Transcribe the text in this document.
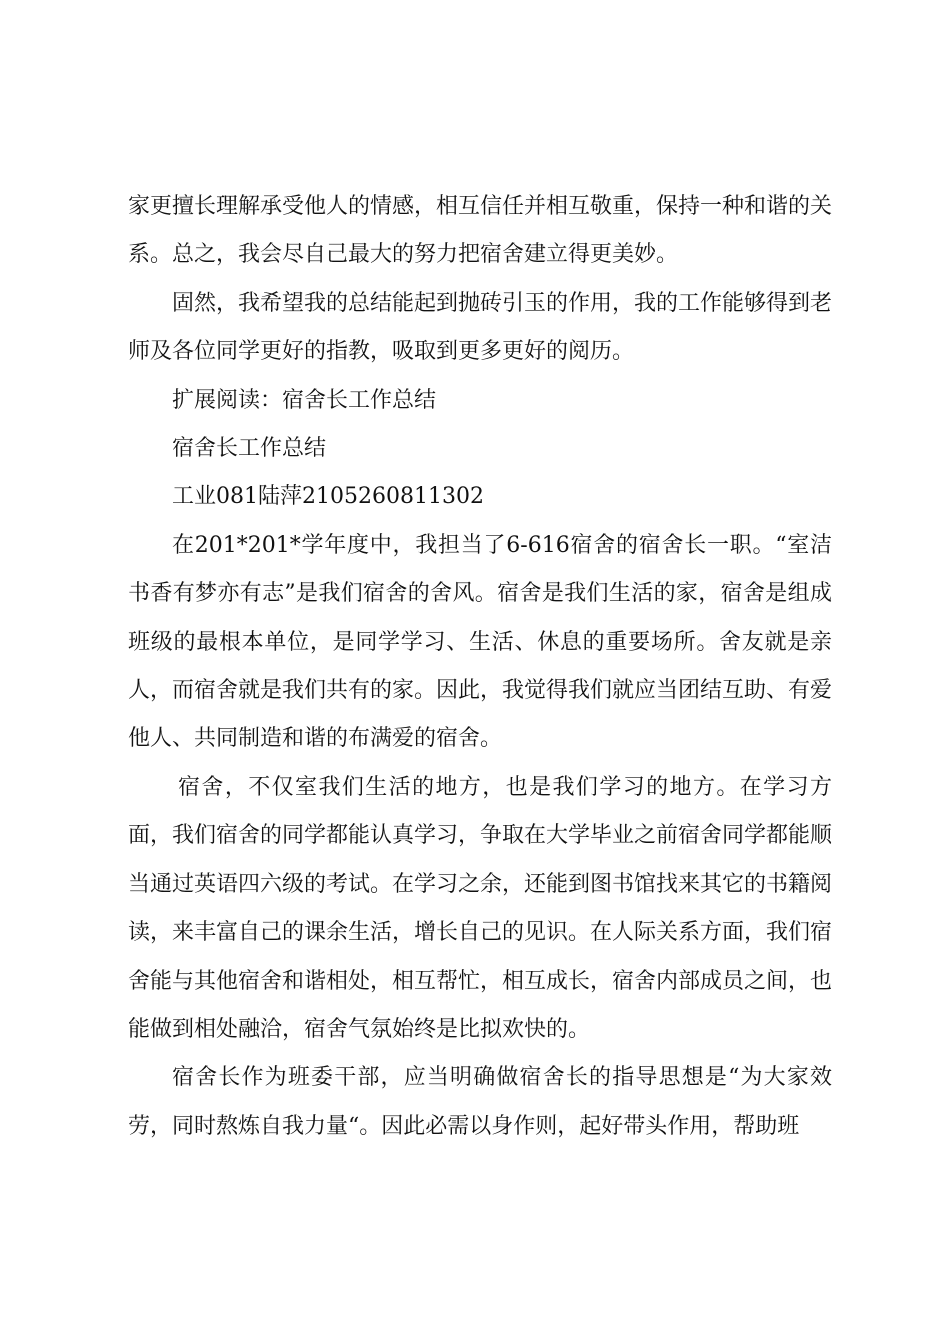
家更擅长理解承受他人的情感，相互信任并相互敬重，保持一种和谐的关系。总之，我会尽自己最大的努力把宿舍建立得更美妙。

固然，我希望我的总结能起到抛砖引玉的作用，我的工作能够得到老师及各位同学更好的指教，吸取到更多更好的阅历。

扩展阅读：宿舍长工作总结

宿舍长工作总结

工业081陆萍2105260811302

在201*201*学年度中，我担当了6-616宿舍的宿舍长一职。“室洁书香有梦亦有志”是我们宿舍的舍风。宿舍是我们生活的家，宿舍是组成班级的最根本单位，是同学学习、生活、休息的重要场所。舍友就是亲人，而宿舍就是我们共有的家。因此，我觉得我们就应当团结互助、有爱他人、共同制造和谐的布满爱的宿舍。

宿舍，不仅室我们生活的地方，也是我们学习的地方。在学习方面，我们宿舍的同学都能认真学习，争取在大学毕业之前宿舍同学都能顺当通过英语四六级的考试。在学习之余，还能到图书馆找来其它的书籍阅读，来丰富自己的课余生活，增长自己的见识。在人际关系方面，我们宿舍能与其他宿舍和谐相处，相互帮忙，相互成长，宿舍内部成员之间，也能做到相处融洽，宿舍气氛始终是比拟欢快的。

宿舍长作为班委干部，应当明确做宿舍长的指导思想是“为大家效劳，同时熬炼自我力量“。因此必需以身作则，起好带头作用，帮助班
